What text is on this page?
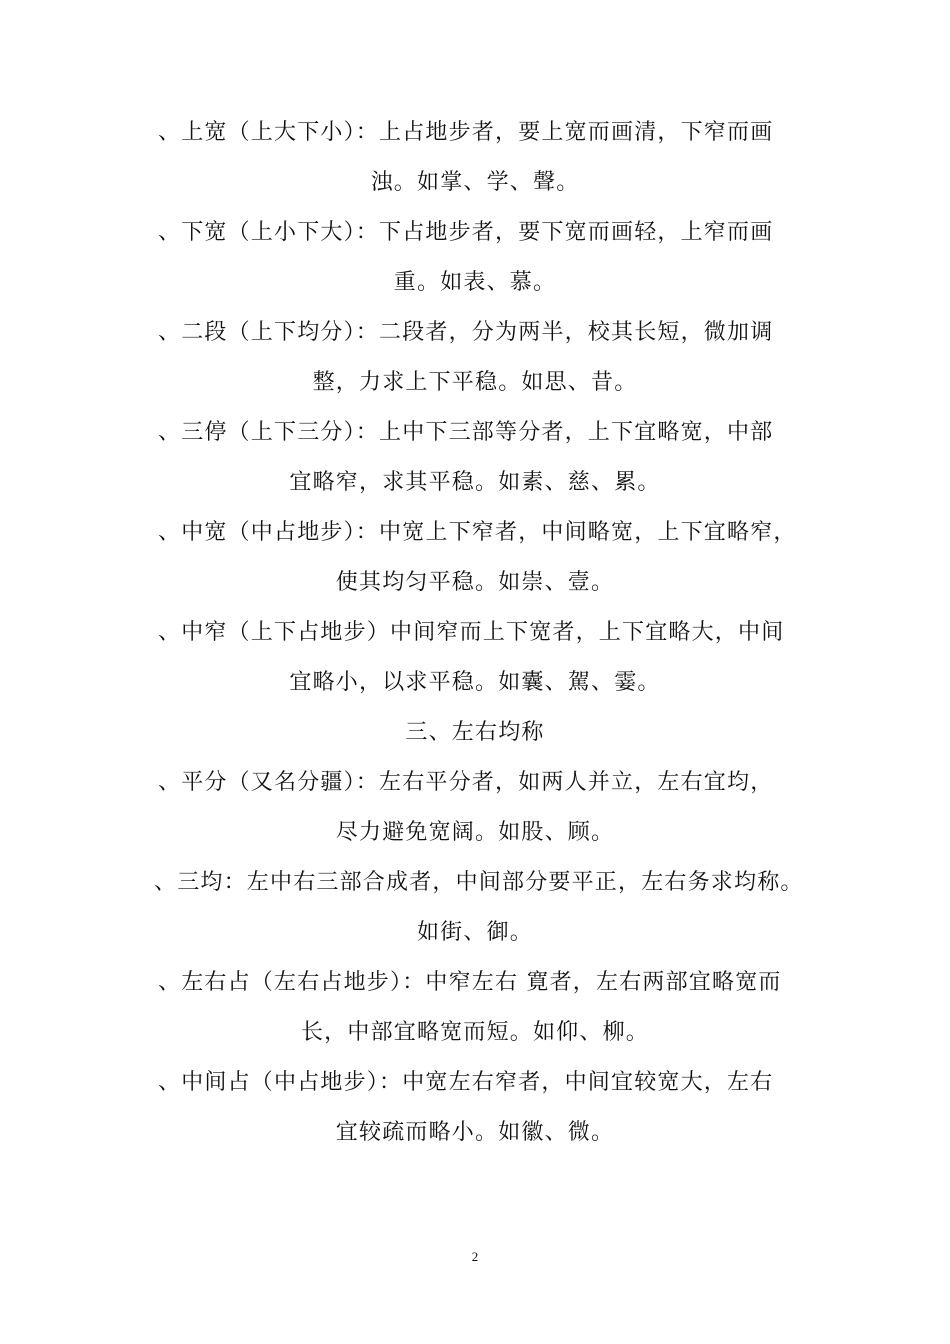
、上宽（上大下小）：上占地步者，要上宽而画清，下窄而画
浊。如掌、学、聲。
、下宽（上小下大）：下占地步者，要下宽而画轻，上窄而画
重。如表、慕。
、二段（上下均分）：二段者，分为两半，校其长短，微加调
整，力求上下平稳。如思、昔。
、三停（上下三分）：上中下三部等分者，上下宜略宽，中部
宜略窄，求其平稳。如素、慈、累。
、中宽（中占地步）：中宽上下窄者，中间略宽，上下宜略窄，
使其均匀平稳。如崇、壹。
、中窄（上下占地步）中间窄而上下宽者，上下宜略大，中间
宜略小，以求平稳。如囊、駕、霎。
三、左右均称
、平分（又名分疆）：左右平分者，如两人并立，左右宜均，
尽力避免宽阔。如股、顾。
、三均：左中右三部合成者，中间部分要平正，左右务求均称。
如街、御。
、左右占（左右占地步）：中窄左右 寛者，左右两部宜略宽而
长，中部宜略宽而短。如仰、柳。
、中间占（中占地步）：中宽左右窄者，中间宜较宽大，左右
宜较疏而略小。如徽、微。
2
